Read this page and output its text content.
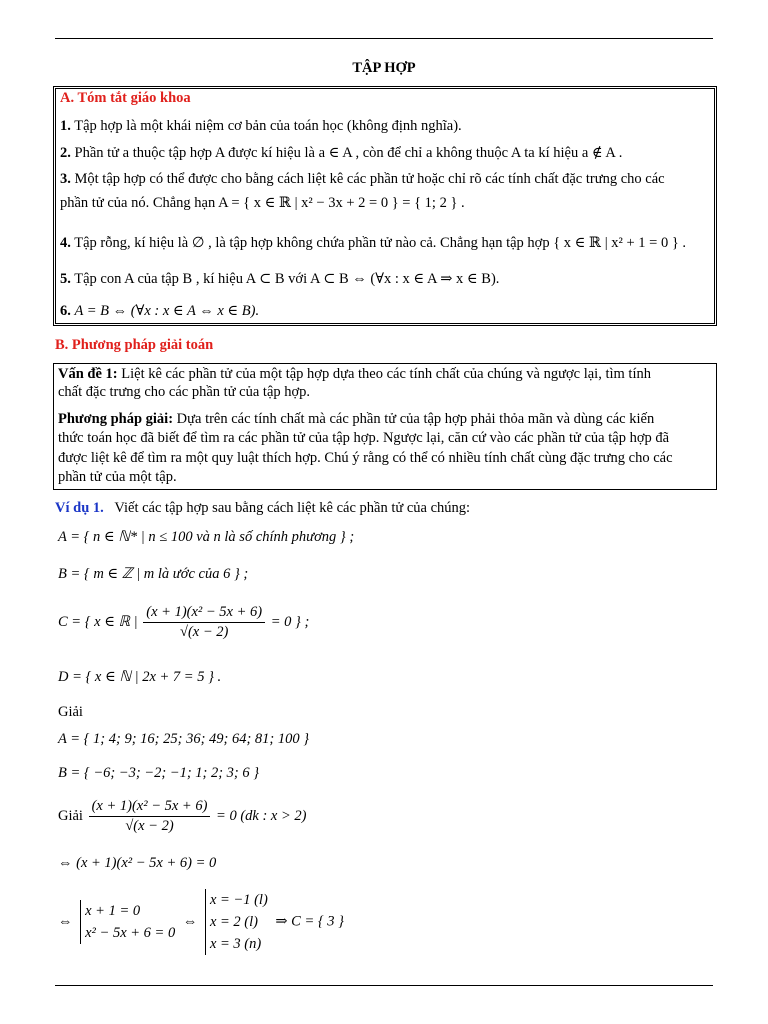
TẬP HỢP
A. Tóm tắt giáo khoa
1. Tập hợp là một khái niệm cơ bản của toán học (không định nghĩa).
2. Phần tử a thuộc tập hợp A được kí hiệu là a ∈ A , còn để chỉ a không thuộc A ta kí hiệu a ∉ A .
3. Một tập hợp có thể được cho bằng cách liệt kê các phần tử hoặc chỉ rõ các tính chất đặc trưng cho các
phần tử của nó. Chẳng hạn A = { x ∈ ℝ | x² − 3x + 2 = 0 } = { 1; 2 } .
4. Tập rỗng, kí hiệu là ∅ , là tập hợp không chứa phần tử nào cả. Chẳng hạn tập hợp { x ∈ ℝ | x² + 1 = 0 } .
5. Tập con A của tập B , kí hiệu A ⊂ B với A ⊂ B ⇔ (∀x : x ∈ A ⇒ x ∈ B).
6. A = B ⇔ (∀x : x ∈ A ⇔ x ∈ B).
B. Phương pháp giải toán
Vấn đề 1: Liệt kê các phần tử của một tập hợp dựa theo các tính chất của chúng và ngược lại, tìm tính
chất đặc trưng cho các phần tử của tập hợp.
Phương pháp giải: Dựa trên các tính chất mà các phần tử của tập hợp phải thỏa mãn và dùng các kiến
thức toán học đã biết để tìm ra các phần tử của tập hợp. Ngược lại, căn cứ vào các phần tử của tập hợp đã
được liệt kê để tìm ra một quy luật thích hợp. Chú ý rằng có thể có nhiều tính chất cùng đặc trưng cho các
phần tử của một tập.
Ví dụ 1. Viết các tập hợp sau bằng cách liệt kê các phần tử của chúng:
A = { n ∈ ℕ* | n ≤ 100 và n là số chính phương } ;
B = { m ∈ ℤ | m là ước của 6 } ;
C = { x ∈ ℝ | $\frac{\text{(x + 1)(x² − 5x + 6)}}{√(x - 2)} = 0$ } ;
D = { x ∈ ℕ | 2x + 7 = 5 } .
Giải
A = { 1; 4; 9; 16; 25; 36; 49; 64; 81; 100 }
B = { −6; −3; −2; −1; 1; 2; 3; 6 }
Giải $\frac{\text{(x + 1)(x² − 5x + 6)}}{√(x - 2)} = 0$ (dk : x > 2)
⇔ (x + 1)(x² − 5x + 6) = 0
⇔
x + 1 = 0
x² − 5x + 6 = 0
⇔
x = −1 (l)
x = 2 (l)
x = 3 (n)
⇒ C = { 3 }
